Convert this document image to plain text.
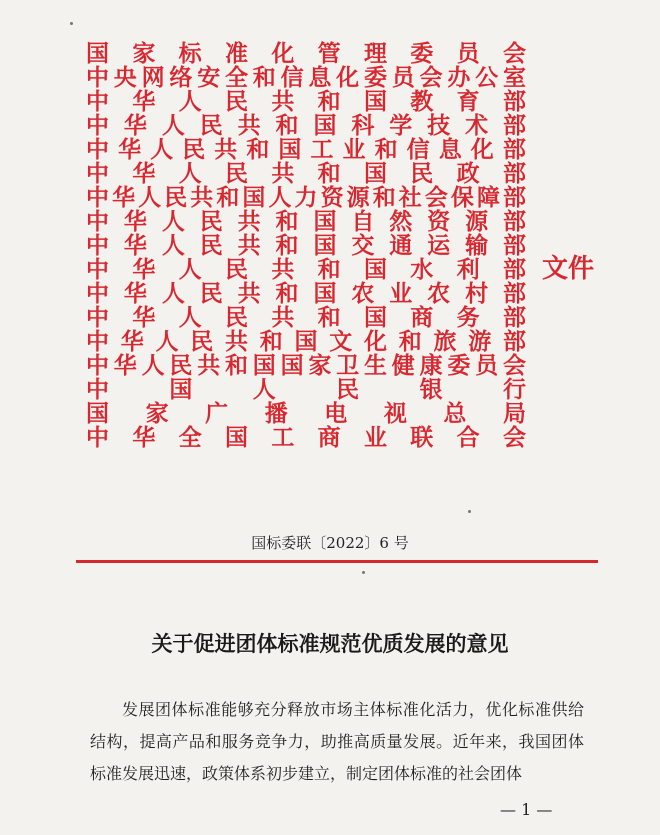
国 家 标 准 化 管 理 委 员 会
中 央 网 络 安 全 和 信 息 化 委 员 会 办 公 室
中 华 人 民 共 和 国 教 育 部
中 华 人 民 共 和 国 科 学 技 术 部
中 华 人 民 共 和 国 工 业 和 信 息 化 部
中 华 人 民 共 和 国 民 政 部
中 华 人 民 共 和 国 人 力 资 源 和 社 会 保 障 部
中 华 人 民 共 和 国 自 然 资 源 部
中 华 人 民 共 和 国 交 通 运 输 部
中 华 人 民 共 和 国 水 利 部
中 华 人 民 共 和 国 农 业 农 村 部
中 华 人 民 共 和 国 商 务 部
中 华 人 民 共 和 国 文 化 和 旅 游 部
中 华 人 民 共 和 国 国 家 卫 生 健 康 委 员 会
中	国	人	民	银	行
国 家 广 播 电 视 总 局
中 华 全 国 工 商 业 联 合 会
文件
国标委联〔2022〕6 号
关于促进团体标准规范优质发展的意见
发展团体标准能够充分释放市场主体标准化活力，优化标准供给结构，提高产品和服务竞争力，助推高质量发展。近年来，我国团体标准发展迅速，政策体系初步建立，制定团体标准的社会团体
— 1 —
